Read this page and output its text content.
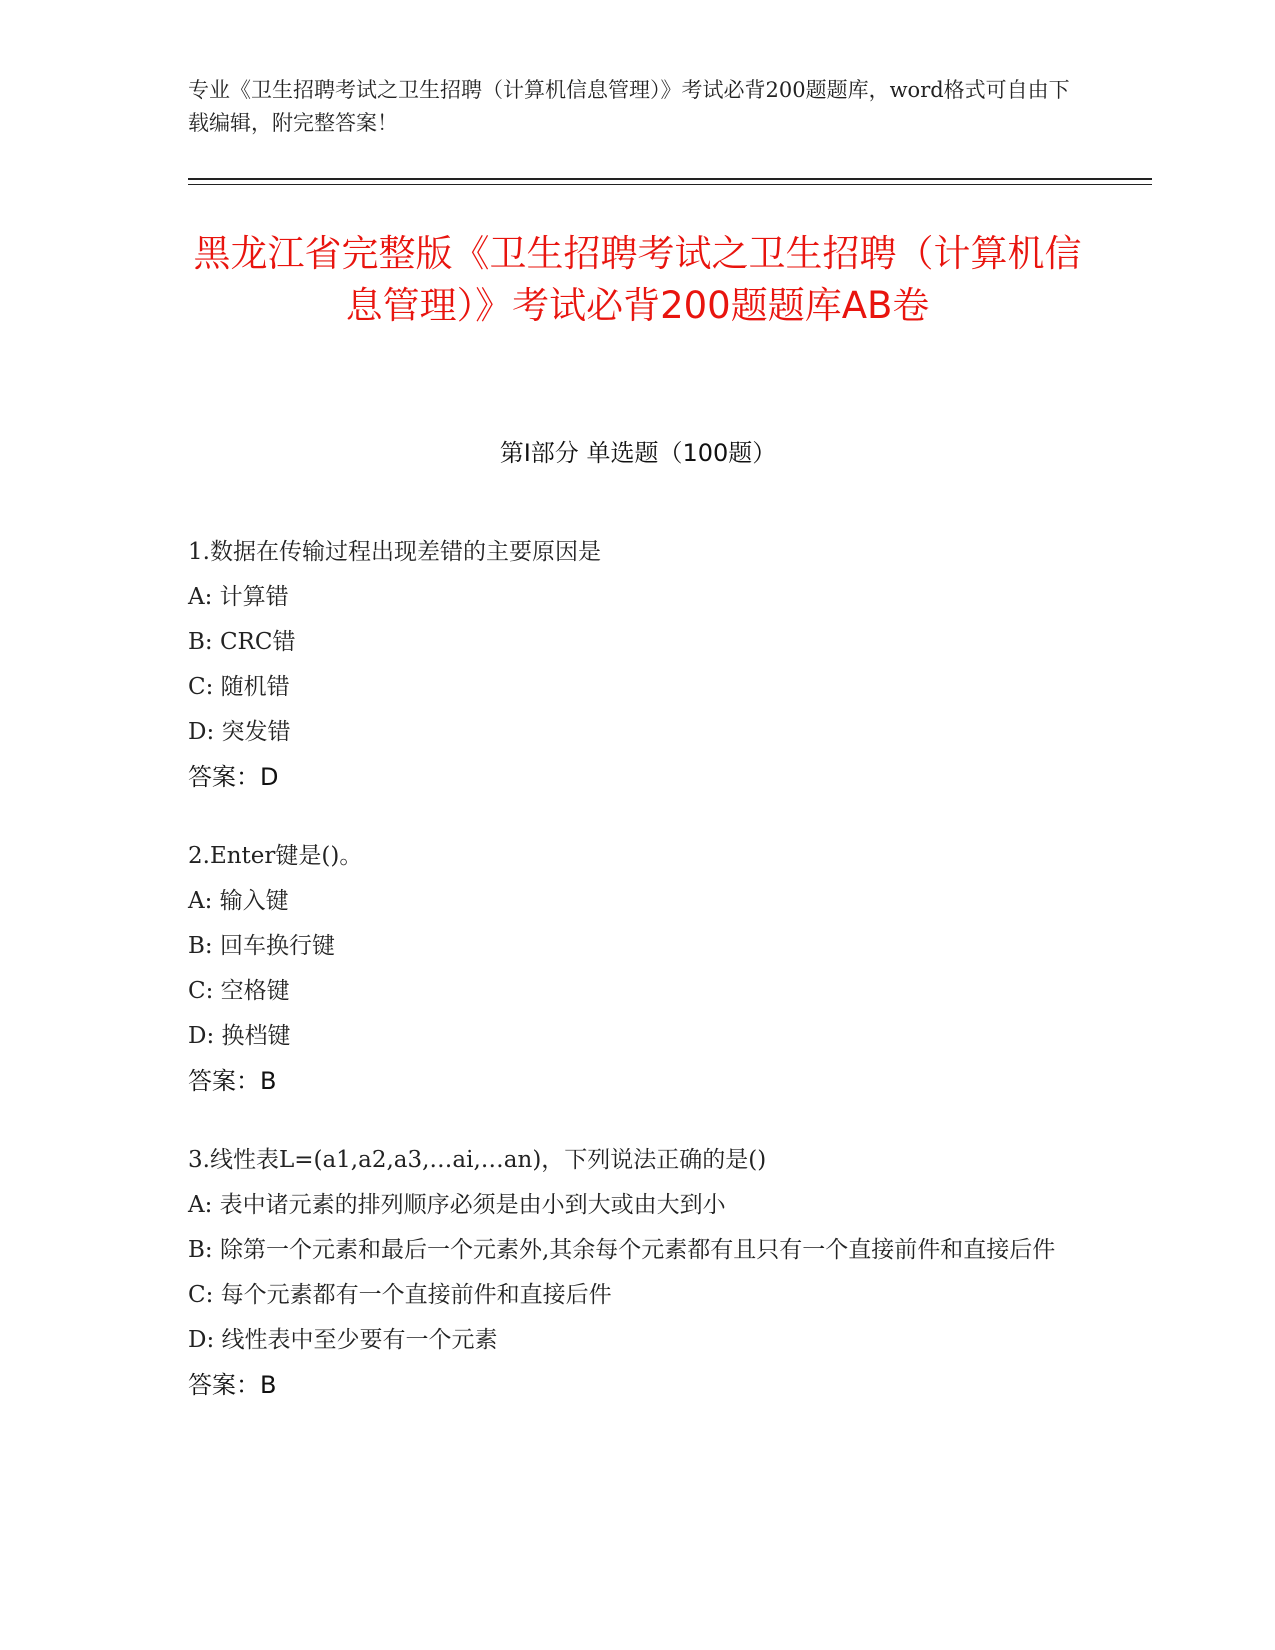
专业《卫生招聘考试之卫生招聘（计算机信息管理）》考试必背200题题库，word格式可自由下载编辑，附完整答案！
黑龙江省完整版《卫生招聘考试之卫生招聘（计算机信息管理）》考试必背200题题库AB卷
第Ⅰ部分 单选题（100题）
1.数据在传输过程出现差错的主要原因是
A: 计算错
B: CRC错
C: 随机错
D: 突发错
答案：D
2.Enter键是()。
A: 输入键
B: 回车换行键
C: 空格键
D: 换档键
答案：B
3.线性表L=(a1,a2,a3,…ai,…an)，下列说法正确的是()
A: 表中诸元素的排列顺序必须是由小到大或由大到小
B: 除第一个元素和最后一个元素外,其余每个元素都有且只有一个直接前件和直接后件
C: 每个元素都有一个直接前件和直接后件
D: 线性表中至少要有一个元素
答案：B
